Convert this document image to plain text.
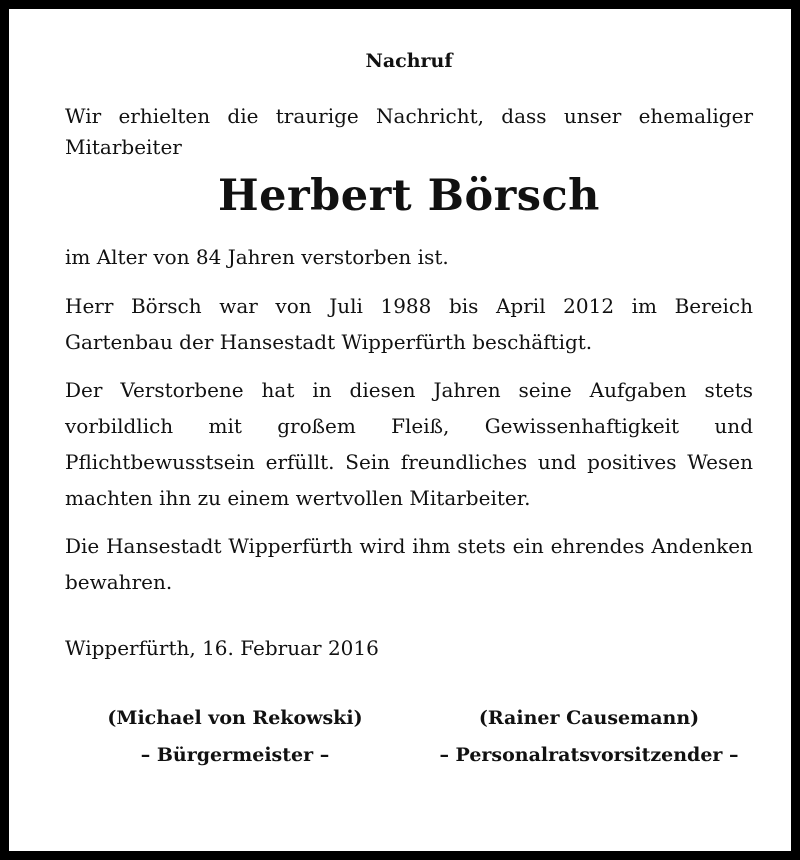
Nachruf

Wir erhielten die traurige Nachricht, dass unser ehemaliger

Mitarbeiter

Herbert Börsch

im Alter von 84 Jahren verstorben ist.

Herr Börsch war von Juli 1988 bis April 2012 im Bereich Gartenbau der Hansestadt Wipperfürth beschäftigt.

Der Verstorbene hat in diesen Jahren seine Aufgaben stets vorbildlich mit großem Fleiß, Gewissenhaftigkeit und Pflichtbewusstsein erfüllt. Sein freundliches und positives Wesen machten ihn zu einem wertvollen Mitarbeiter.

Die Hansestadt Wipperfürth wird ihm stets ein ehrendes Andenken bewahren.

Wipperfürth, 16. Februar 2016

(Michael von Rekowski)
– Bürgermeister –
(Rainer Causemann)
– Personalratsvorsitzender –
